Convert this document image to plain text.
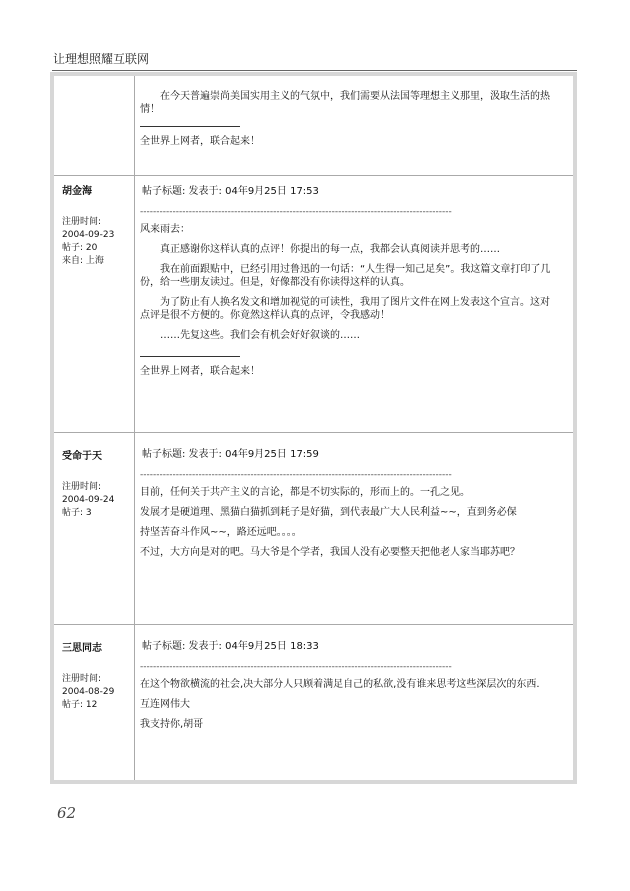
让理想照耀互联网

在今天普遍崇尚美国实用主义的气氛中，我们需要从法国等理想主义那里，汲取生活的热情！

全世界上网者，联合起来！
胡金海
注册时间:
2004-09-23
帖子: 20
来自: 上海
帖子标题: 发表于: 04年9月25日 17:53
------------------------------------------------------------------------------------------------

风来雨去：

真正感谢你这样认真的点评！你提出的每一点，我都会认真阅读并思考的……

我在前面跟贴中，已经引用过鲁迅的一句话：“人生得一知己足矣”。我这篇文章打印了几份，给一些朋友读过。但是，好像都没有你读得这样的认真。

为了防止有人换名发文和增加视觉的可读性，我用了图片文件在网上发表这个宣言。这对点评是很不方便的。你竟然这样认真的点评，令我感动！

……先复这些。我们会有机会好好叙谈的……

全世界上网者，联合起来！
受命于天
注册时间:
2004-09-24
帖子: 3
帖子标题: 发表于: 04年9月25日 17:59
------------------------------------------------------------------------------------------------

目前，任何关于共产主义的言论，都是不切实际的，形而上的。一孔之见。

发展才是硬道理、黑猫白猫抓到耗子是好猫，到代表最广大人民利益~~，直到务必保

持坚苦奋斗作风~~，路还远吧。。。。

不过，大方向是对的吧。马大爷是个学者，我国人没有必要整天把他老人家当耶苏吧？

三思同志
注册时间:
2004-08-29
帖子: 12
帖子标题: 发表于: 04年9月25日 18:33
------------------------------------------------------------------------------------------------

在这个物欲横流的社会,决大部分人只顾着满足自己的私欲,没有谁来思考这些深层次的东西.

互连网伟大

我支持你,胡哥

62
